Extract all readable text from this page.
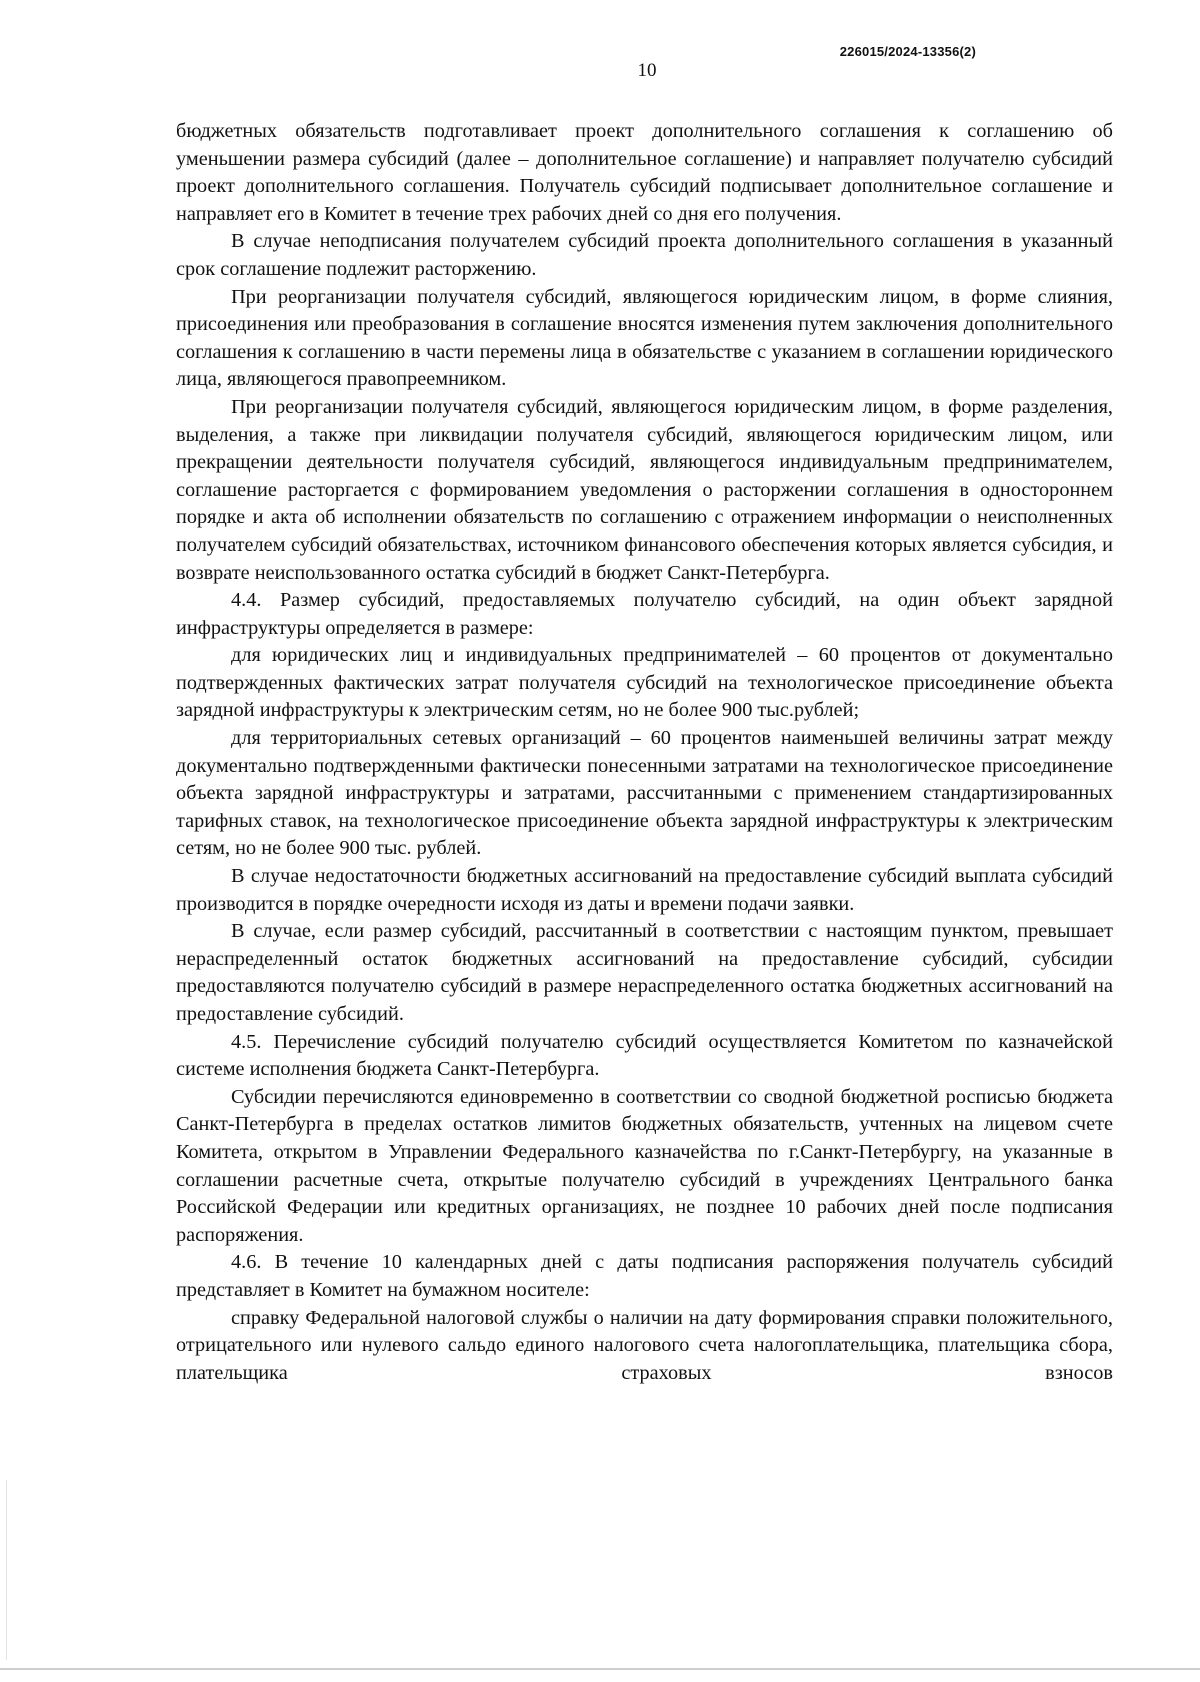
226015/2024-13356(2)
10

бюджетных обязательств подготавливает проект дополнительного соглашения к соглашению об уменьшении размера субсидий (далее – дополнительное соглашение) и направляет получателю субсидий проект дополнительного соглашения. Получатель субсидий подписывает дополнительное соглашение и направляет его в Комитет в течение трех рабочих дней со дня его получения.

В случае неподписания получателем субсидий проекта дополнительного соглашения в указанный срок соглашение подлежит расторжению.

При реорганизации получателя субсидий, являющегося юридическим лицом, в форме слияния, присоединения или преобразования в соглашение вносятся изменения путем заключения дополнительного соглашения к соглашению в части перемены лица в обязательстве с указанием в соглашении юридического лица, являющегося правопреемником.

При реорганизации получателя субсидий, являющегося юридическим лицом, в форме разделения, выделения, а также при ликвидации получателя субсидий, являющегося юридическим лицом, или прекращении деятельности получателя субсидий, являющегося индивидуальным предпринимателем, соглашение расторгается с формированием уведомления о расторжении соглашения в одностороннем порядке и акта об исполнении обязательств по соглашению с отражением информации о неисполненных получателем субсидий обязательствах, источником финансового обеспечения которых является субсидия, и возврате неиспользованного остатка субсидий в бюджет Санкт-Петербурга.

4.4. Размер субсидий, предоставляемых получателю субсидий, на один объект зарядной инфраструктуры определяется в размере:

для юридических лиц и индивидуальных предпринимателей – 60 процентов от документально подтвержденных фактических затрат получателя субсидий на технологическое присоединение объекта зарядной инфраструктуры к электрическим сетям, но не более 900 тыс.рублей;

для территориальных сетевых организаций – 60 процентов наименьшей величины затрат между документально подтвержденными фактически понесенными затратами на технологическое присоединение объекта зарядной инфраструктуры и затратами, рассчитанными с применением стандартизированных тарифных ставок, на технологическое присоединение объекта зарядной инфраструктуры к электрическим сетям, но не более 900 тыс. рублей.

В случае недостаточности бюджетных ассигнований на предоставление субсидий выплата субсидий производится в порядке очередности исходя из даты и времени подачи заявки.

В случае, если размер субсидий, рассчитанный в соответствии с настоящим пунктом, превышает нераспределенный остаток бюджетных ассигнований на предоставление субсидий, субсидии предоставляются получателю субсидий в размере нераспределенного остатка бюджетных ассигнований на предоставление субсидий.

4.5. Перечисление субсидий получателю субсидий осуществляется Комитетом по казначейской системе исполнения бюджета Санкт-Петербурга.

Субсидии перечисляются единовременно в соответствии со сводной бюджетной росписью бюджета Санкт-Петербурга в пределах остатков лимитов бюджетных обязательств, учтенных на лицевом счете Комитета, открытом в Управлении Федерального казначейства по г.Санкт-Петербургу, на указанные в соглашении расчетные счета, открытые получателю субсидий в учреждениях Центрального банка Российской Федерации или кредитных организациях, не позднее 10 рабочих дней после подписания распоряжения.

4.6. В течение 10 календарных дней с даты подписания распоряжения получатель субсидий представляет в Комитет на бумажном носителе:

справку Федеральной налоговой службы о наличии на дату формирования справки положительного, отрицательного или нулевого сальдо единого налогового счета налогоплательщика, плательщика сбора, плательщика страховых взносов
